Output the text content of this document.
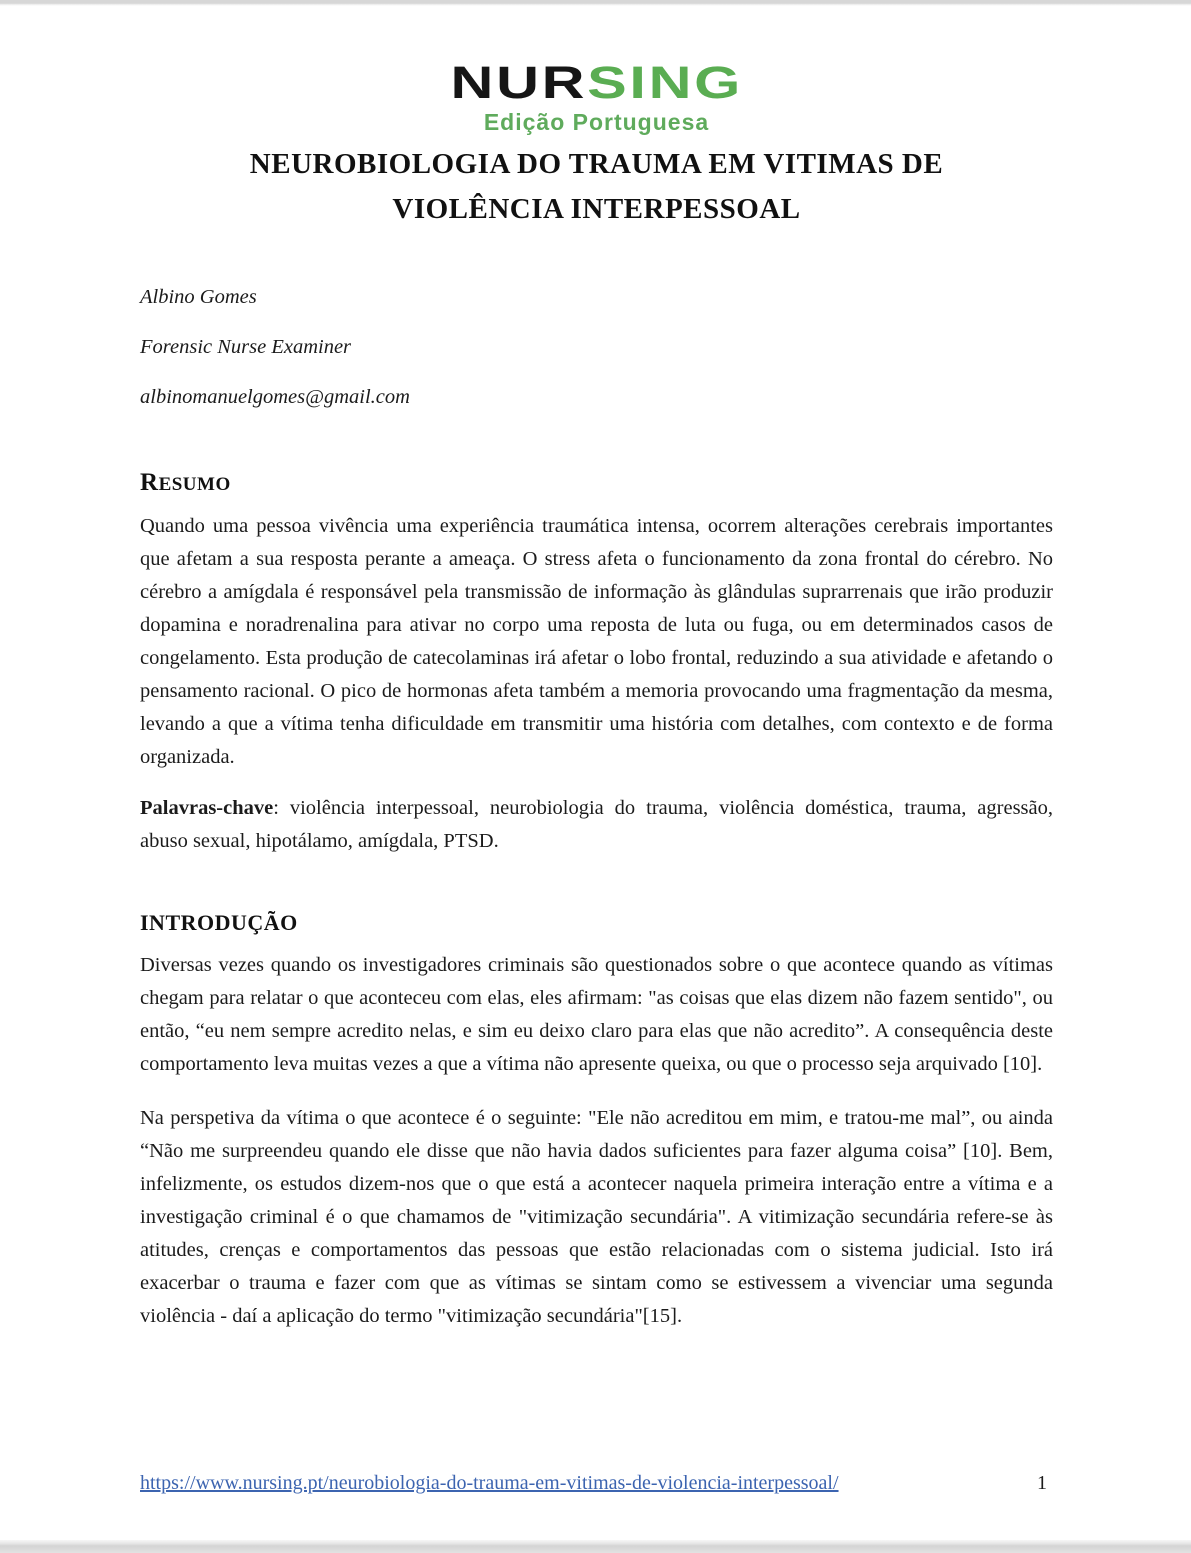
NURSING
Edição Portuguesa
NEUROBIOLOGIA DO TRAUMA EM VITIMAS DE
VIOLÊNCIA INTERPESSOAL

Albino Gomes

Forensic Nurse Examiner

albinomanuelgomes@gmail.com

RESUMO

Quando uma pessoa vivência uma experiência traumática intensa, ocorrem alterações cerebrais importantes que afetam a sua resposta perante a ameaça. O stress afeta o funcionamento da zona frontal do cérebro. No cérebro a amígdala é responsável pela transmissão de informação às glândulas suprarrenais que irão produzir dopamina e noradrenalina para ativar no corpo uma reposta de luta ou fuga, ou em determinados casos de congelamento. Esta produção de catecolaminas irá afetar o lobo frontal, reduzindo a sua atividade e afetando o pensamento racional. O pico de hormonas afeta também a memoria provocando uma fragmentação da mesma, levando a que a vítima tenha dificuldade em transmitir uma história com detalhes, com contexto e de forma organizada.

Palavras-chave: violência interpessoal, neurobiologia do trauma, violência doméstica, trauma, agressão, abuso sexual, hipotálamo, amígdala, PTSD.

INTRODUÇÃO

Diversas vezes quando os investigadores criminais são questionados sobre o que acontece quando as vítimas chegam para relatar o que aconteceu com elas, eles afirmam: "as coisas que elas dizem não fazem sentido", ou então, “eu nem sempre acredito nelas, e sim eu deixo claro para elas que não acredito”. A consequência deste comportamento leva muitas vezes a que a vítima não apresente queixa, ou que o processo seja arquivado [10].

Na perspetiva da vítima o que acontece é o seguinte: "Ele não acreditou em mim, e tratou-me mal”, ou ainda “Não me surpreendeu quando ele disse que não havia dados suficientes para fazer alguma coisa” [10]. Bem, infelizmente, os estudos dizem-nos que o que está a acontecer naquela primeira interação entre a vítima e a investigação criminal é o que chamamos de "vitimização secundária". A vitimização secundária refere-se às atitudes, crenças e comportamentos das pessoas que estão relacionadas com o sistema judicial. Isto irá exacerbar o trauma e fazer com que as vítimas se sintam como se estivessem a vivenciar uma segunda violência - daí a aplicação do termo "vitimização secundária"[15].

https://www.nursing.pt/neurobiologia-do-trauma-em-vitimas-de-violencia-interpessoal/	1
